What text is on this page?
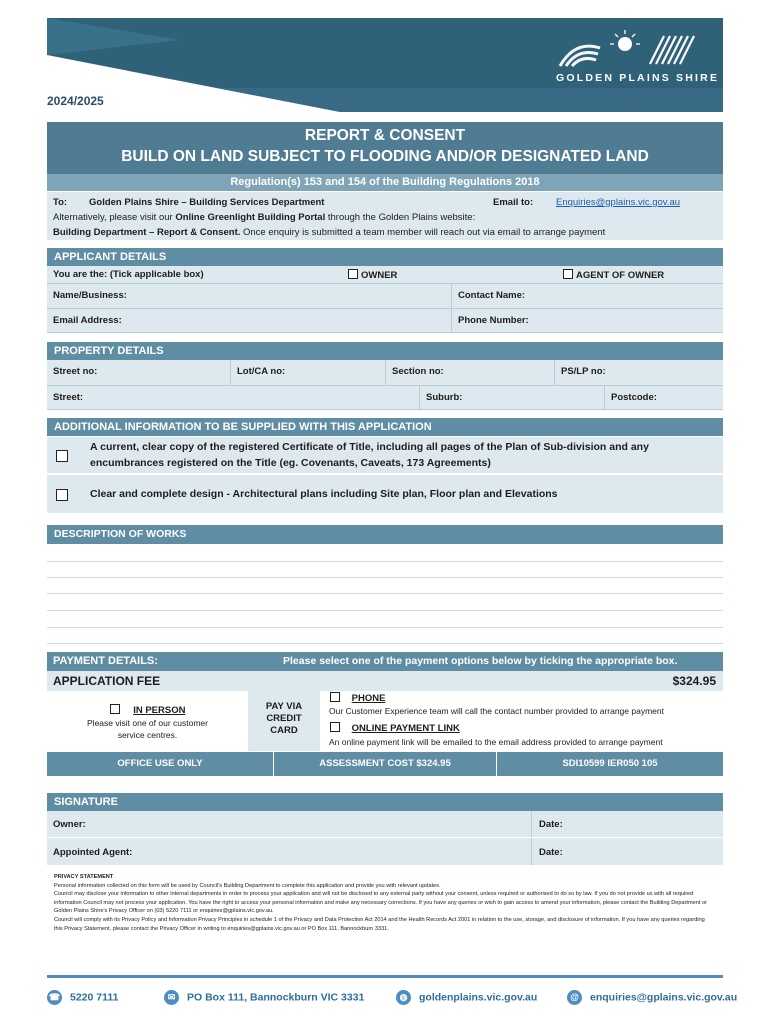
GOLDEN PLAINS SHIRE
2024/2025
REPORT & CONSENT
BUILD ON LAND SUBJECT TO FLOODING AND/OR DESIGNATED LAND
Regulation(s) 153 and 154 of the Building Regulations 2018
To: Golden Plains Shire – Building Services Department	Email to: Enquiries@gplains.vic.gov.au
Alternatively, please visit our Online Greenlight Building Portal through the Golden Plains website:
Building Department – Report & Consent. Once enquiry is submitted a team member will reach out via email to arrange payment
APPLICANT DETAILS
You are the: (Tick applicable box)	OWNER	AGENT OF OWNER
Name/Business:	Contact Name:
Email Address:	Phone Number:
PROPERTY DETAILS
Street no:	Lot/CA no:	Section no:	PS/LP no:
Street:	Suburb:	Postcode:
ADDITIONAL INFORMATION TO BE SUPPLIED WITH THIS APPLICATION
A current, clear copy of the registered Certificate of Title, including all pages of the Plan of Sub-division and any
encumbrances registered on the Title (eg. Covenants, Caveats, 173 Agreements)
Clear and complete design - Architectural plans including Site plan, Floor plan and Elevations
DESCRIPTION OF WORKS
PAYMENT DETAILS:	Please select one of the payment options below by ticking the appropriate box.
APPLICATION FEE	$324.95
IN PERSON
Please visit one of our customer
service centres.
PAY VIA
CREDIT
CARD
PHONE
Our Customer Experience team will call the contact number provided to arrange payment
ONLINE PAYMENT LINK
An online payment link will be emailed to the email address provided to arrange payment
OFFICE USE ONLY	ASSESSMENT COST $324.95	SDI10599 IER050 105
SIGNATURE
Owner:	Date:
Appointed Agent:	Date:
PRIVACY STATEMENT
Personal information collected on this form will be used by Council's Building Department to complete this application and provide you with relevant updates.
Council may disclose your information to other internal departments in order to process your application and will not be disclosed to any external party without your consent, unless required or authorised to do so by law. If you do not provide us with all required information Council may not process your application. You have the right to access your personal information and make any necessary corrections. If you have any queries or wish to gain access to amend your information, please contact the Building Department or Golden Plains Shire's Privacy Officer on (03) 5220 7111 or enquiries@gplains.vic.gov.au.
Council will comply with its Privacy Policy and Information Privacy Principles in schedule 1 of the Privacy and Data Protection Act 2014 and the Health Records Act 2001 in relation to the use, storage, and disclosure of information. If you have any queries regarding this Privacy Statement, please contact the Privacy Officer in writing to enquiries@gplains.vic.gov.au or PO Box 111, Bannockburn 3331.
☎ 5220 7111	✉ PO Box 111, Bannockburn VIC 3331	◍ goldenplains.vic.gov.au	@ enquiries@gplains.vic.gov.au
